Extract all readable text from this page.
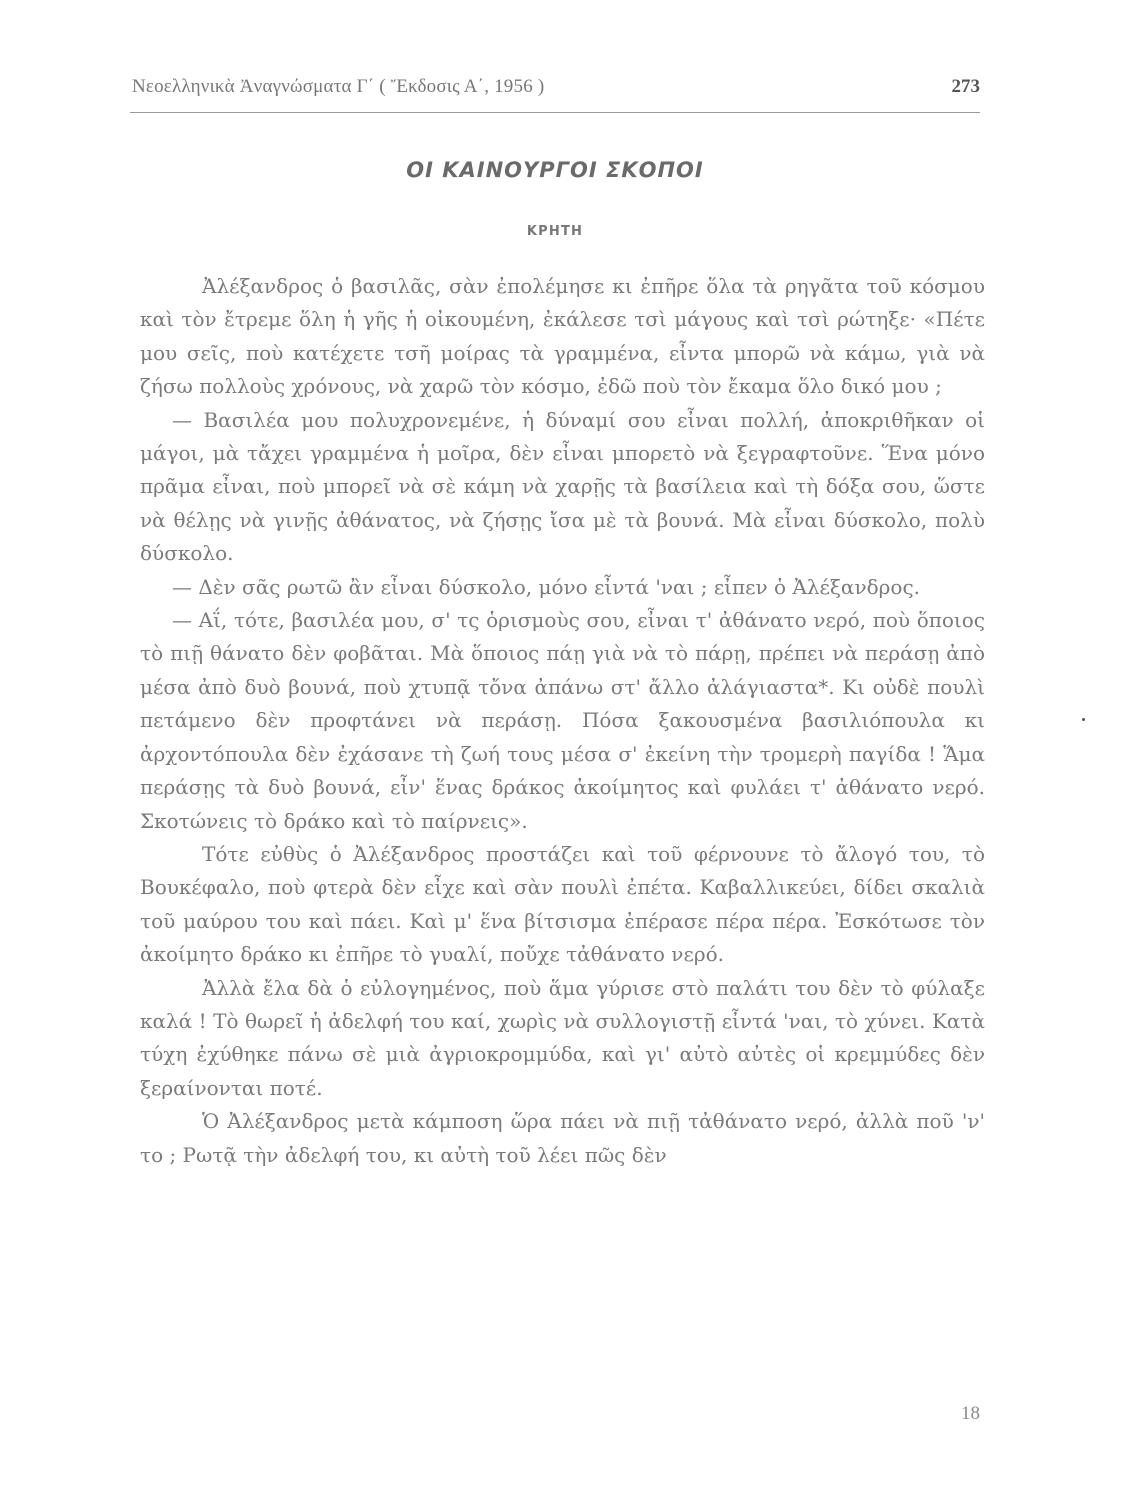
Νεοελληνικὰ Ἀναγνώσματα Γ΄ ( Ἔκδοσις Α΄, 1956 )	273
ΟΙ ΚΑΙΝΟΥΡΓΟΙ ΣΚΟΠΟΙ
ΚΡΗΤΗ

Ἀλέξανδρος ὁ βασιλᾶς, σὰν ἐπολέμησε κι ἐπῆρε ὅλα τὰ ρηγᾶτα τοῦ κόσμου καὶ τὸν ἔτρεμε ὅλη ἡ γῆς ἡ οἰκουμένη, ἐκάλεσε τσὶ μάγους καὶ τσὶ ρώτηξε· «Πέτε μου σεῖς, ποὺ κατέχετε τσῆ μοίρας τὰ γραμμένα, εἶντα μπορῶ νὰ κάμω, γιὰ νὰ ζήσω πολλοὺς χρόνους, νὰ χαρῶ τὸν κόσμο, ἐδῶ ποὺ τὸν ἔκαμα ὅλο δικό μου ;

— Βασιλέα μου πολυχρονεμένε, ἡ δύναμί σου εἶναι πολλή, ἀποκριθῆκαν οἱ μάγοι, μὰ τἄχει γραμμένα ἡ μοῖρα, δὲν εἶναι μπορετὸ νὰ ξεγραφτοῦνε. Ἕνα μόνο πρᾶμα εἶναι, ποὺ μπορεῖ νὰ σὲ κάμη νὰ χαρῇς τὰ βασίλεια καὶ τὴ δόξα σου, ὥστε νὰ θέλῃς νὰ γινῇς ἀθάνατος, νὰ ζήσῃς ἴσα μὲ τὰ βουνά. Μὰ εἶναι δύσκολο, πολὺ δύσκολο.

— Δὲν σᾶς ρωτῶ ἂν εἶναι δύσκολο, μόνο εἶντά 'ναι ; εἶπεν ὁ Ἀλέξανδρος.

— Αΐ, τότε, βασιλέα μου, σ' τς ὁρισμοὺς σου, εἶναι τ' ἀθάνατο νερό, ποὺ ὅποιος τὸ πιῇ θάνατο δὲν φοβᾶται. Μὰ ὅποιος πάῃ γιὰ νὰ τὸ πάρῃ, πρέπει νὰ περάσῃ ἀπὸ μέσα ἀπὸ δυὸ βουνά, ποὺ χτυπᾷ τὄνα ἀπάνω στ' ἄλλο ἀλάγιαστα*. Κι οὐδὲ πουλὶ πετάμενο δὲν προφτάνει νὰ περάσῃ. Πόσα ξακουσμένα βασιλιόπουλα κι ἀρχοντόπουλα δὲν ἐχάσανε τὴ ζωή τους μέσα σ' ἐκείνη τὴν τρομερὴ παγίδα ! Ἅμα περάσῃς τὰ δυὸ βουνά, εἶν' ἕνας δράκος ἀκοίμητος καὶ φυλάει τ' ἀθάνατο νερό. Σκοτώνεις τὸ δράκο καὶ τὸ παίρνεις».

Τότε εὐθὺς ὁ Ἀλέξανδρος προστάζει καὶ τοῦ φέρνουνε τὸ ἄλογό του, τὸ Βουκέφαλο, ποὺ φτερὰ δὲν εἶχε καὶ σὰν πουλὶ ἐπέτα. Καβαλλικεύει, δίδει σκαλιὰ τοῦ μαύρου του καὶ πάει. Καὶ μ' ἕνα βίτσισμα ἐπέρασε πέρα πέρα. Ἐσκότωσε τὸν ἀκοίμητο δράκο κι ἐπῆρε τὸ γυαλί, ποὔχε τἀθάνατο νερό.

Ἀλλὰ ἔλα δὰ ὁ εὐλογημένος, ποὺ ἅμα γύρισε στὸ παλάτι του δὲν τὸ φύλαξε καλά ! Τὸ θωρεῖ ἡ ἀδελφή του καί, χωρὶς νὰ συλλογιστῇ εἶντά 'ναι, τὸ χύνει. Κατὰ τύχη ἐχύθηκε πάνω σὲ μιὰ ἀγριοκρομμύδα, καὶ γι' αὐτὸ αὐτὲς οἱ κρεμμύδες δὲν ξεραίνονται ποτέ.

Ὁ Ἀλέξανδρος μετὰ κάμποση ὥρα πάει νὰ πιῇ τἀθάνατο νερό, ἀλλὰ ποῦ 'ν' το ; Ρωτᾷ τὴν ἀδελφή του, κι αὐτὴ τοῦ λέει πῶς δὲν

18
